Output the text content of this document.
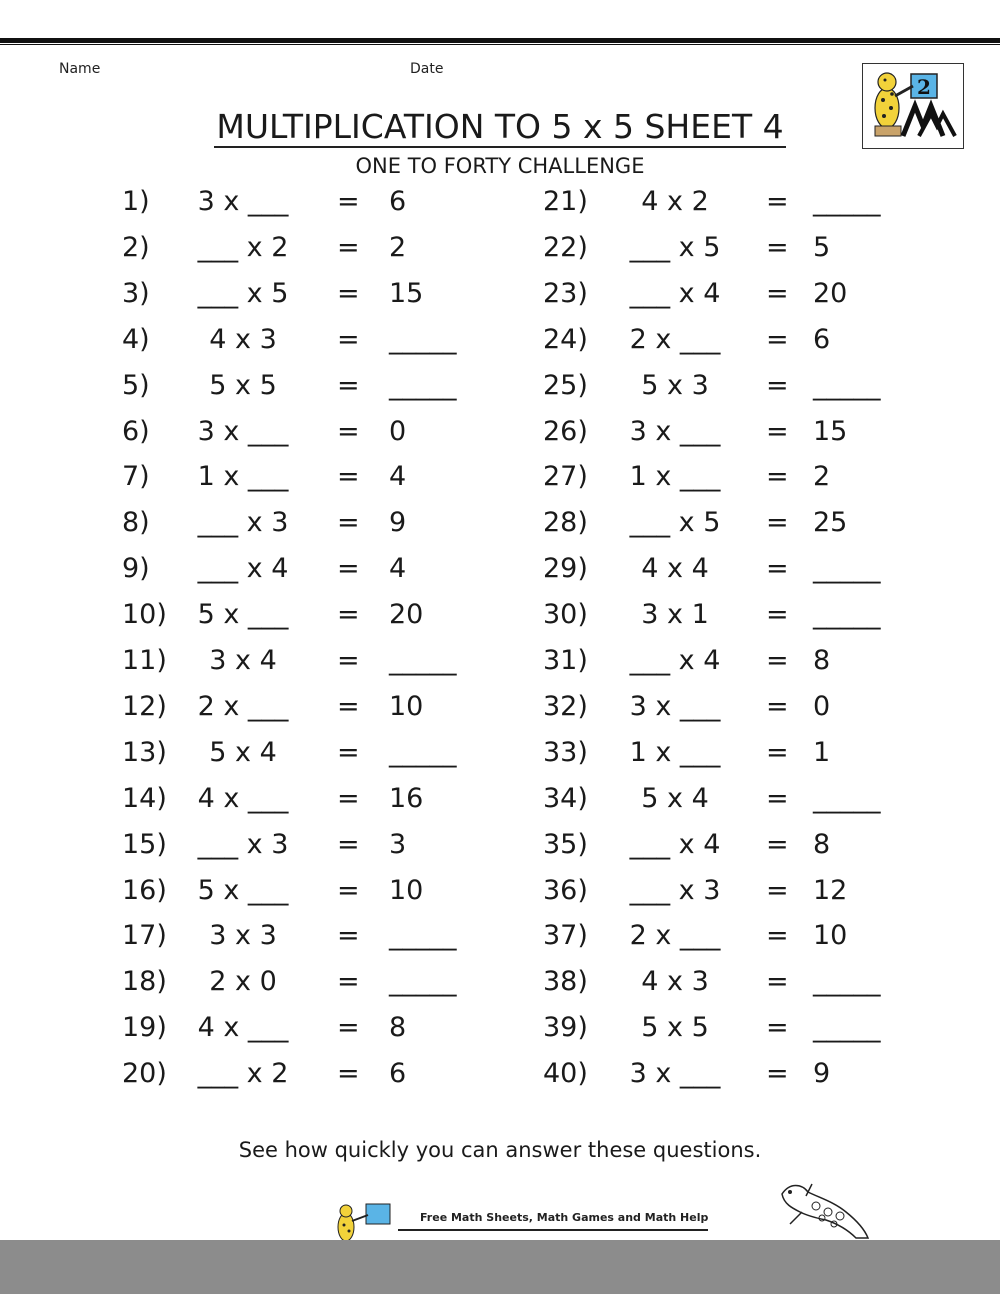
Name	Date
2
MULTIPLICATION TO 5 x 5 SHEET 4
ONE TO FORTY CHALLENGE
1)	3 x ___	= 6
2)	___ x 2	= 2
3)	___ x 5	= 15
4)	4 x 3	= _____
5)	5 x 5	= _____
6)	3 x ___	= 0
7)	1 x ___	= 4
8)	___ x 3	= 9
9)	___ x 4	= 4
10)	5 x ___	= 20
11)	3 x 4	= _____
12)	2 x ___	= 10
13)	5 x 4	= _____
14)	4 x ___	= 16
15)	___ x 3	= 3
16)	5 x ___	= 10
17)	3 x 3	= _____
18)	2 x 0	= _____
19)	4 x ___	= 8
20)	___ x 2	= 6
21)	4 x 2	= _____
22)	___ x 5	= 5
23)	___ x 4	= 20
24)	2 x ___	= 6
25)	5 x 3	= _____
26)	3 x ___	= 15
27)	1 x ___	= 2
28)	___ x 5	= 25
29)	4 x 4	= _____
30)	3 x 1	= _____
31)	___ x 4	= 8
32)	3 x ___	= 0
33)	1 x ___	= 1
34)	5 x 4	= _____
35)	___ x 4	= 8
36)	___ x 3	= 12
37)	2 x ___	= 10
38)	4 x 3	= _____
39)	5 x 5	= _____
40)	3 x ___	= 9
See how quickly you can answer these questions.
Free Math Sheets, Math Games and Math Help
